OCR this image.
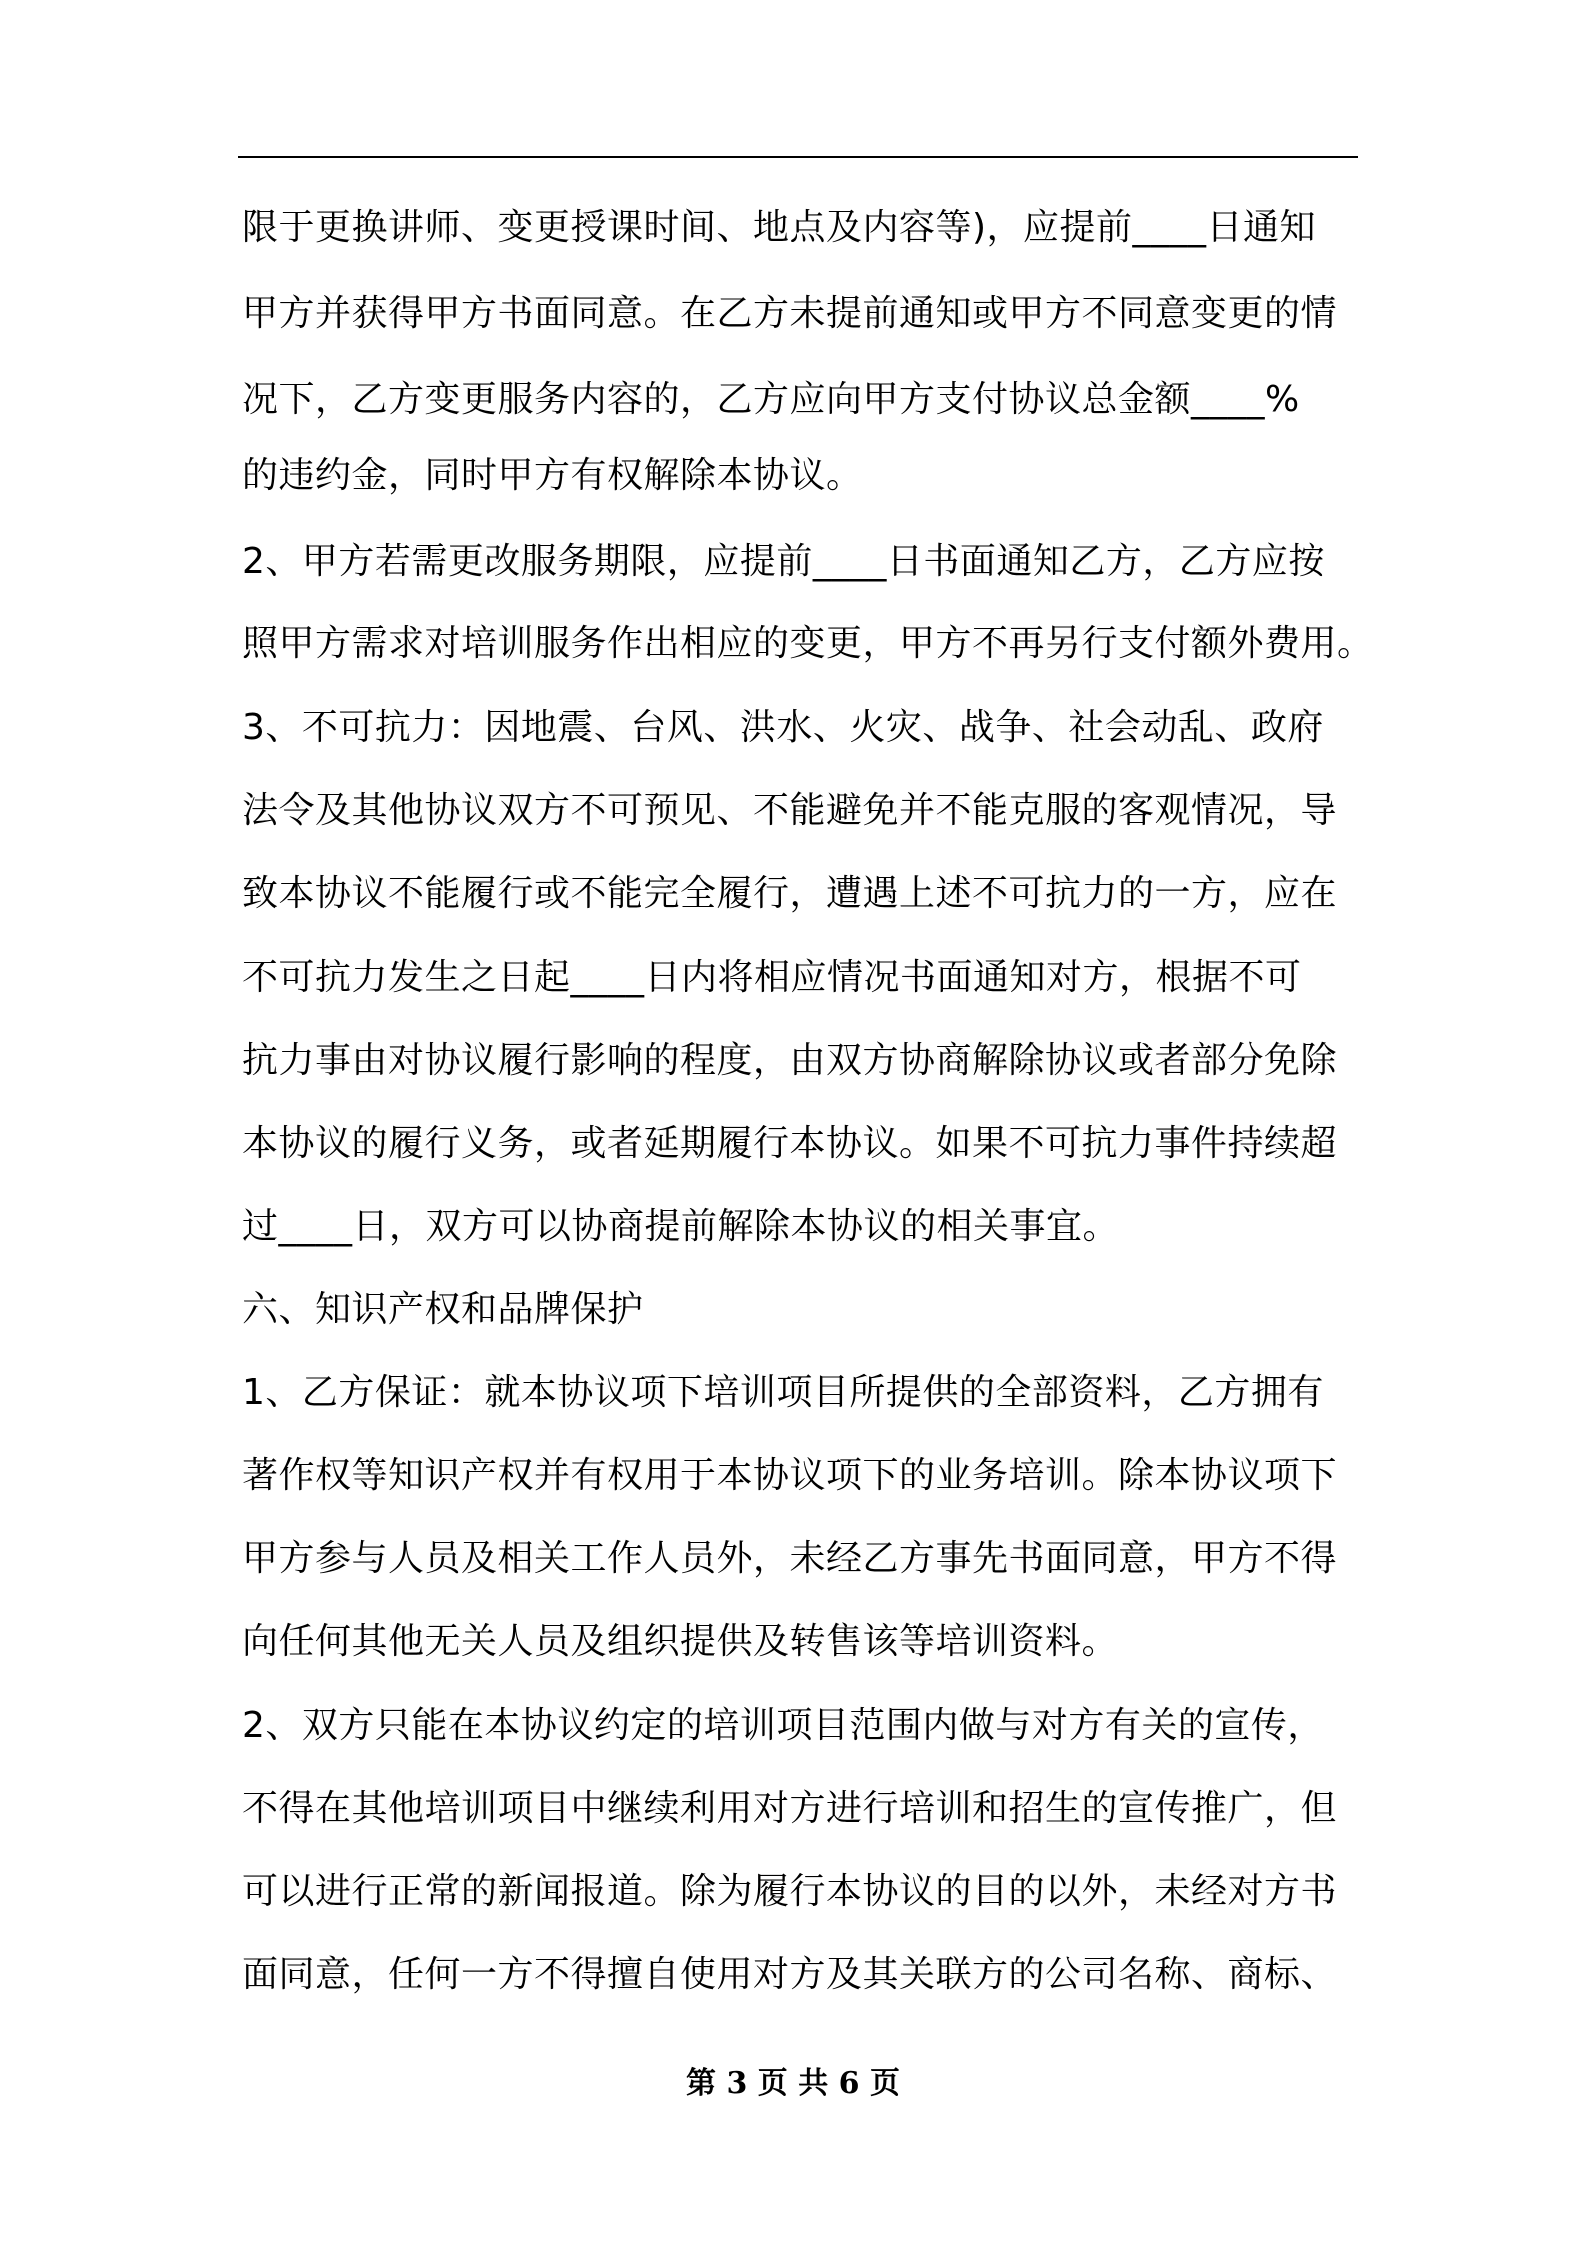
限于更换讲师、变更授课时间、地点及内容等)，应提前____日通知
甲方并获得甲方书面同意。在乙方未提前通知或甲方不同意变更的情
况下，乙方变更服务内容的，乙方应向甲方支付协议总金额____%
的违约金，同时甲方有权解除本协议。
2、甲方若需更改服务期限，应提前____日书面通知乙方，乙方应按
照甲方需求对培训服务作出相应的变更，甲方不再另行支付额外费用。
3、不可抗力：因地震、台风、洪水、火灾、战争、社会动乱、政府
法令及其他协议双方不可预见、不能避免并不能克服的客观情况，导
致本协议不能履行或不能完全履行，遭遇上述不可抗力的一方，应在
不可抗力发生之日起____日内将相应情况书面通知对方，根据不可
抗力事由对协议履行影响的程度，由双方协商解除协议或者部分免除
本协议的履行义务，或者延期履行本协议。如果不可抗力事件持续超
过____日，双方可以协商提前解除本协议的相关事宜。
六、知识产权和品牌保护
1、乙方保证：就本协议项下培训项目所提供的全部资料，乙方拥有
著作权等知识产权并有权用于本协议项下的业务培训。除本协议项下
甲方参与人员及相关工作人员外，未经乙方事先书面同意，甲方不得
向任何其他无关人员及组织提供及转售该等培训资料。
2、双方只能在本协议约定的培训项目范围内做与对方有关的宣传，
不得在其他培训项目中继续利用对方进行培训和招生的宣传推广，但
可以进行正常的新闻报道。除为履行本协议的目的以外，未经对方书
面同意，任何一方不得擅自使用对方及其关联方的公司名称、商标、
第 3 页 共 6 页
